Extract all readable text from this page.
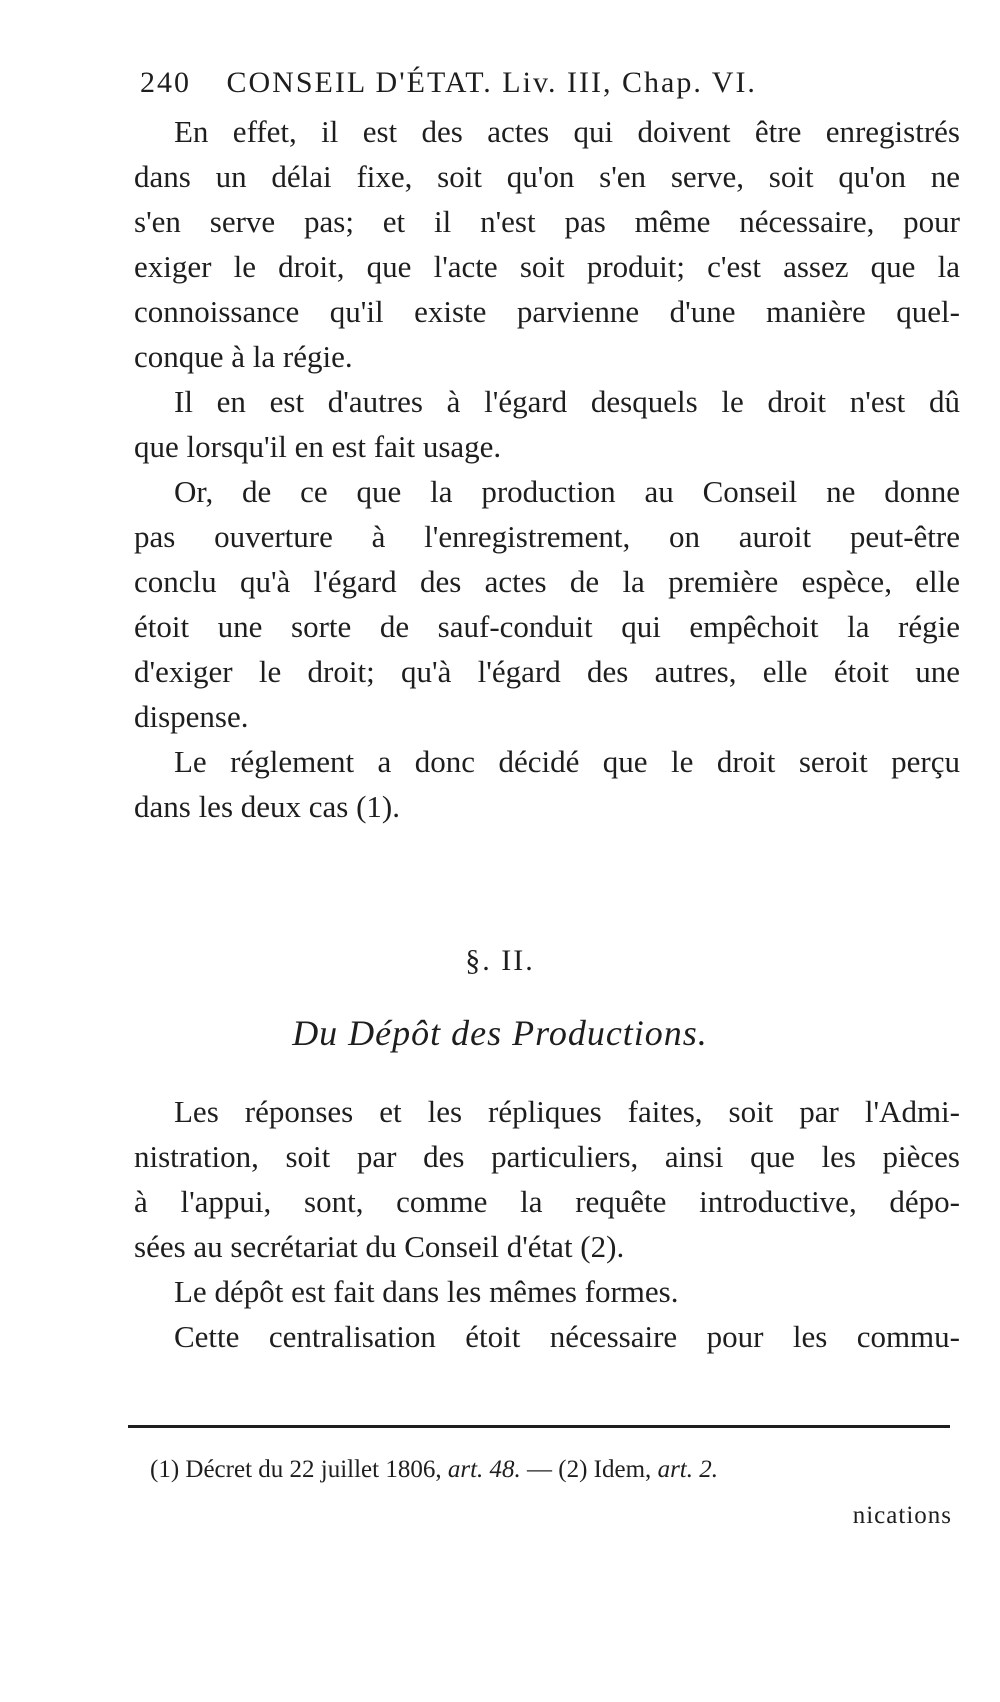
240 CONSEIL D'ÉTAT. Liv. III, Chap. VI.
En effet, il est des actes qui doivent être enregistrés
dans un délai fixe, soit qu'on s'en serve, soit qu'on ne
s'en serve pas; et il n'est pas même nécessaire, pour
exiger le droit, que l'acte soit produit; c'est assez que la
connoissance qu'il existe parvienne d'une manière quel-
conque à la régie.
Il en est d'autres à l'égard desquels le droit n'est dû
que lorsqu'il en est fait usage.
Or, de ce que la production au Conseil ne donne
pas ouverture à l'enregistrement, on auroit peut-être
conclu qu'à l'égard des actes de la première espèce, elle
étoit une sorte de sauf-conduit qui empêchoit la régie
d'exiger le droit; qu'à l'égard des autres, elle étoit une
dispense.
Le réglement a donc décidé que le droit seroit perçu
dans les deux cas (1).
§. II.
Du Dépôt des Productions.
Les réponses et les répliques faites, soit par l'Admi-
nistration, soit par des particuliers, ainsi que les pièces
à l'appui, sont, comme la requête introductive, dépo-
sées au secrétariat du Conseil d'état (2).
Le dépôt est fait dans les mêmes formes.
Cette centralisation étoit nécessaire pour les commu-
(1) Décret du 22 juillet 1806, art. 48. — (2) Idem, art. 2.
nications
